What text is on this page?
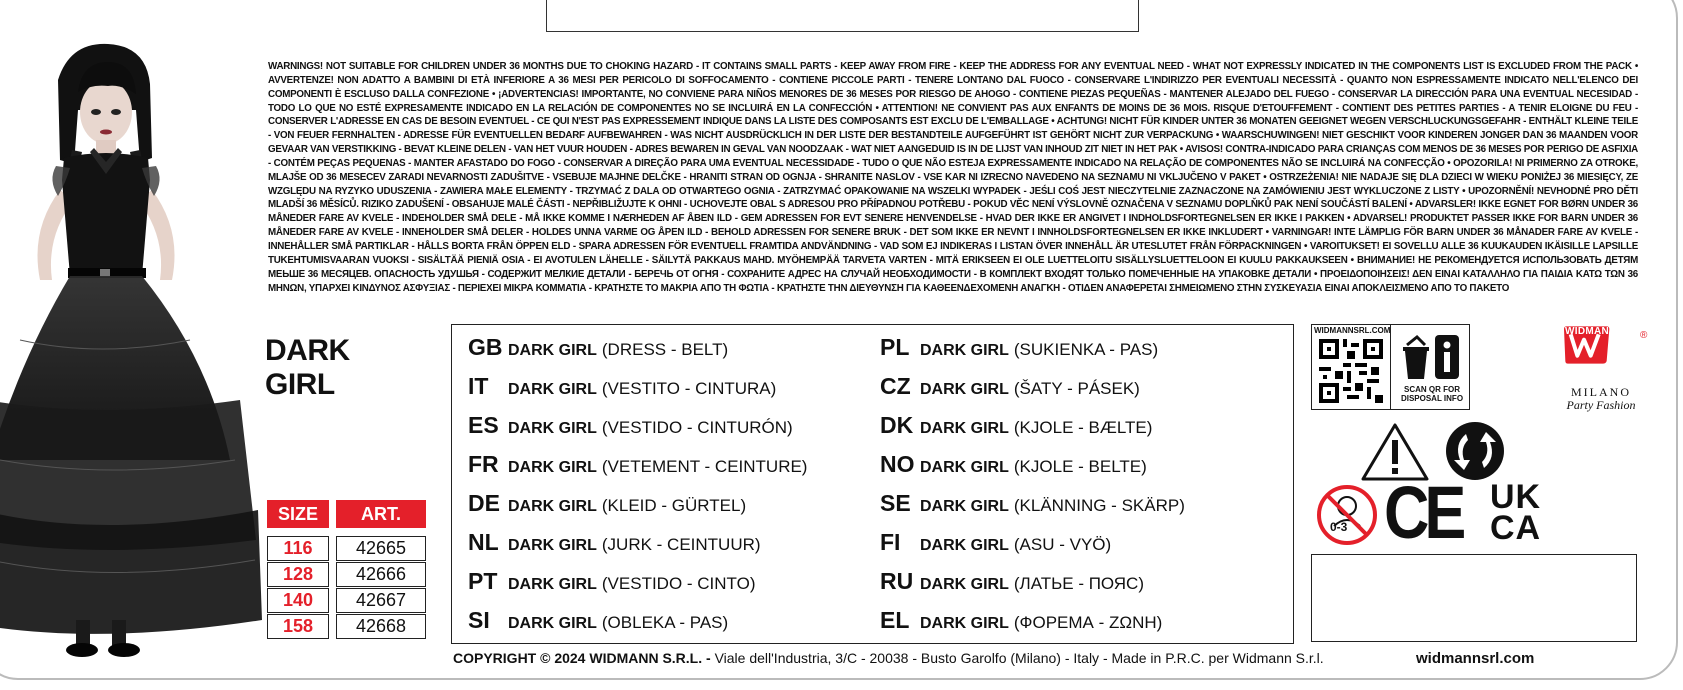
WARNINGS! NOT SUITABLE FOR CHILDREN UNDER 36 MONTHS DUE TO CHOKING HAZARD - IT CONTAINS SMALL PARTS - KEEP AWAY FROM FIRE - KEEP THE ADDRESS FOR ANY EVENTUAL NEED - WHAT NOT EXPRESSLY INDICATED IN THE COMPONENTS LIST IS EXCLUDED FROM THE PACK • AVVERTENZE! NON ADATTO A BAMBINI DI ETÀ INFERIORE A 36 MESI PER PERICOLO DI SOFFOCAMENTO - CONTIENE PICCOLE PARTI - TENERE LONTANO DAL FUOCO - CONSERVARE L'INDIRIZZO PER EVENTUALI NECESSITÀ - QUANTO NON ESPRESSAMENTE INDICATO NELL'ELENCO DEI COMPONENTI È ESCLUSO DALLA CONFEZIONE • ¡ADVERTENCIAS! IMPORTANTE, NO CONVIENE PARA NIÑOS MENORES DE 36 MESES POR RIESGO DE AHOGO - CONTIENE PIEZAS PEQUEÑAS - MANTENER ALEJADO DEL FUEGO - CONSERVAR LA DIRECCIÓN PARA UNA EVENTUAL NECESIDAD - TODO LO QUE NO ESTÉ EXPRESAMENTE INDICADO EN LA RELACIÓN DE COMPONENTES NO SE INCLUIRÁ EN LA CONFECCIÓN • ATTENTION! NE CONVIENT PAS AUX ENFANTS DE MOINS DE 36 MOIS. RISQUE D'ETOUFFEMENT - CONTIENT DES PETITES PARTIES - A TENIR ELOIGNE DU FEU - CONSERVER L'ADRESSE EN CAS DE BESOIN EVENTUEL - CE QUI N'EST PAS EXPRESSEMENT INDIQUE DANS LA LISTE DES COMPOSANTS EST EXCLU DE L'EMBALLAGE • ACHTUNG! NICHT FÜR KINDER UNTER 36 MONATEN GEEIGNET WEGEN VERSCHLUCKUNGSGEFAHR - ENTHÄLT KLEINE TEILE - VON FEUER FERNHALTEN - ADRESSE FÜR EVENTUELLEN BEDARF AUFBEWAHREN - WAS NICHT AUSDRÜCKLICH IN DER LISTE DER BESTANDTEILE AUFGEFÜHRT IST GEHÖRT NICHT ZUR VERPACKUNG • WAARSCHUWINGEN! NIET GESCHIKT VOOR KINDEREN JONGER DAN 36 MAANDEN VOOR GEVAAR VAN VERSTIKKING - BEVAT KLEINE DELEN - VAN HET VUUR HOUDEN - ADRES BEWAREN IN GEVAL VAN NOODZAAK - WAT NIET AANGEDUID IS IN DE LIJST VAN INHOUD ZIT NIET IN HET PAK • AVISOS! CONTRA-INDICADO PARA CRIANÇAS COM MENOS DE 36 MESES POR PERIGO DE ASFIXIA - CONTÉM PEÇAS PEQUENAS - MANTER AFASTADO DO FOGO - CONSERVAR A DIREÇÃO PARA UMA EVENTUAL NECESSIDADE - TUDO O QUE NÃO ESTEJA EXPRESSAMENTE INDICADO NA RELAÇÃO DE COMPONENTES NÃO SE INCLUIRÁ NA CONFECÇÃO • OPOZORILA! NI PRIMERNO ZA OTROKE, MLAJŠE OD 36 MESECEV ZARADI NEVARNOSTI ZADUŠITVE - VSEBUJE MAJHNE DELČKE - HRANITI STRAN OD OGNJA - SHRANITE NASLOV - VSE KAR NI IZRECNO NAVEDENO NA SEZNAMU NI VKLJUČENO V PAKET • OSTRZEŻENIA! NIE NADAJE SIĘ DLA DZIECI W WIEKU PONIŻEJ 36 MIESIĘCY, ZE WZGLĘDU NA RYZYKO UDUSZENIA - ZAWIERA MAŁE ELEMENTY - TRZYMAĆ Z DALA OD OTWARTEGO OGNIA - ZATRZYMAĆ OPAKOWANIE NA WSZELKI WYPADEK - JEŚLI COŚ JEST NIECZYTELNIE ZAZNACZONE NA ZAMÓWIENIU JEST WYKLUCZONE Z LISTY • UPOZORNĚNÍ! NEVHODNÉ PRO DĚTI MLADŠÍ 36 MĚSÍCŮ. RIZIKO ZADUŠENÍ - OBSAHUJE MALÉ ČÁSTI - NEPŘIBLIŽUJTE K OHNI - UCHOVEJTE OBAL S ADRESOU PRO PŘÍPADNOU POTŘEBU - POKUD VĚC NENÍ VÝSLOVNĚ OZNAČENA V SEZNAMU DOPLŇKŮ PAK NENÍ SOUČÁSTÍ BALENÍ • ADVARSLER! IKKE EGNET FOR BØRN UNDER 36 MÅNEDER FARE AV KVELE - INDEHOLDER SMÅ DELE - MÅ IKKE KOMME I NÆRHEDEN AF ÅBEN ILD - GEM ADRESSEN FOR EVT SENERE HENVENDELSE - HVAD DER IKKE ER ANGIVET I INDHOLDSFORTEGNELSEN ER IKKE I PAKKEN • ADVARSEL! PRODUKTET PASSER IKKE FOR BARN UNDER 36 MÅNEDER FARE AV KVELE - INNEHOLDER SMÅ DELER - HOLDES UNNA VARME OG ÅPEN ILD - BEHOLD ADRESSEN FOR SENERE BRUK - DET SOM IKKE ER NEVNT I INNHOLDSFORTEGNELSEN ER IKKE INKLUDERT • VARNINGAR! INTE LÄMPLIG FÖR BARN UNDER 36 MÅNADER FARE AV KVELE - INNEHÅLLER SMÅ PARTIKLAR - HÅLLS BORTA FRÅN ÖPPEN ELD - SPARA ADRESSEN FÖR EVENTUELL FRAMTIDA ANDVÄNDNING - VAD SOM EJ INDIKERAS I LISTAN ÖVER INNEHÅLL ÄR UTESLUTET FRÅN FÖRPACKNINGEN • VAROITUKSET! EI SOVELLU ALLE 36 KUUKAUDEN IKÄISILLE LAPSILLE TUKEHTUMISVAARAN VUOKSI - SISÄLTÄÄ PIENIÄ OSIA - EI AVOTULEN LÄHELLE - SÄILYTÄ PAKKAUS MAHD. MYÖHEMPÄÄ TARVETA VARTEN - MITÄ ERIKSEEN EI OLE LUETTELOITU SISÄLLYSLUETTELOON EI KUULU PAKKAUKSEEN • ВНИМАНИЕ! НЕ РЕКОМЕНДУЕТСЯ ИСПОЛЬЗОВАТЬ ДЕТЯМ МЕЬШЕ 36 МЕСЯЦЕВ. ОПАСНОСТЬ УДУШЬЯ - СОДЕРЖИТ МЕЛКИЕ ДЕТАЛИ - БЕРЕЧЬ ОТ ОГНЯ - СОХРАНИТЕ АДРЕС НА СЛУЧАЙ НЕОБХОДИМОСТИ - В КОМПЛЕКТ ВХОДЯТ ТОЛЬКО ПОМЕЧЕННЫЕ НА УПАКОВКЕ ДЕТАЛИ • ΠΡΟΕΙΔΟΠΟΙΗΣΕΙΣ! ΔΕΝ ΕΙΝΑΙ ΚΑΤΑΛΛΗΛΟ ΓΙΑ ΠΑΙΔΙΑ ΚΑΤΩ ΤΩΝ 36 ΜΗΝΩΝ, ΥΠΑΡΧΕΙ ΚΙΝΔΥΝΟΣ ΑΣΦΥΞΙΑΣ - ΠΕΡΙΕΧΕΙ ΜΙΚΡΑ ΚΟΜΜΑΤΙΑ - ΚΡΑΤΗΣΤΕ ΤΟ ΜΑΚΡΙΑ ΑΠΟ ΤΗ ΦΩΤΙΑ - ΚΡΑΤΗΣΤΕ ΤΗΝ ΔΙΕΥΘΥΝΣΗ ΓΙΑ ΚΑΘΕΕΝΔΕΧΟΜΕΝΗ ΑΝΑΓΚΗ - ΟΤΙΔΕΝ ΑΝΑΦΕΡΕΤΑΙ ΣΗΜΕΙΩΜΕΝΟ ΣΤΗΝ ΣΥΣΚΕΥΑΣΙΑ ΕΙΝΑΙ ΑΠΟΚΛΕΙΣΜΕΝΟ ΑΠΟ ΤΟ ΠΑΚΕΤΟ
DARK
GIRL
SIZE	ART.
116	42665
128	42666
140	42667
158	42668
GB DARK GIRL (DRESS - BELT)
IT	DARK GIRL (VESTITO - CINTURA)
ES DARK GIRL (VESTIDO - CINTURÓN)
FR DARK GIRL (VETEMENT - CEINTURE)
DE DARK GIRL (KLEID - GÜRTEL)
NL DARK GIRL (JURK - CEINTUUR)
PT DARK GIRL (VESTIDO - CINTO)
SI	DARK GIRL (OBLEKA - PAS)
PL DARK GIRL (SUKIENKA - PAS)
CZ DARK GIRL (ŠATY - PÁSEK)
DK DARK GIRL (KJOLE - BÆLTE)
NO DARK GIRL (KJOLE - BELTE)
SE DARK GIRL (KLÄNNING - SKÄRP)
FI	DARK GIRL (ASU - VYÖ)
RU DARK GIRL (ЛАТЬЕ - ПОЯС)
EL DARK GIRL (ФОРЕМА - ΖΩΝΗ)
COPYRIGHT © 2024 WIDMANN S.R.L. - Viale dell'Industria, 3/C - 20038 - Busto Garolfo (Milano) - Italy - Made in P.R.C. per Widmann S.r.l.	widmannsrl.com
WIDMANNSRL.COM
SCAN QR FOR DISPOSAL INFO
WIDMANN ®
MILANO
Party Fashion
0-3 CE UK
CA
